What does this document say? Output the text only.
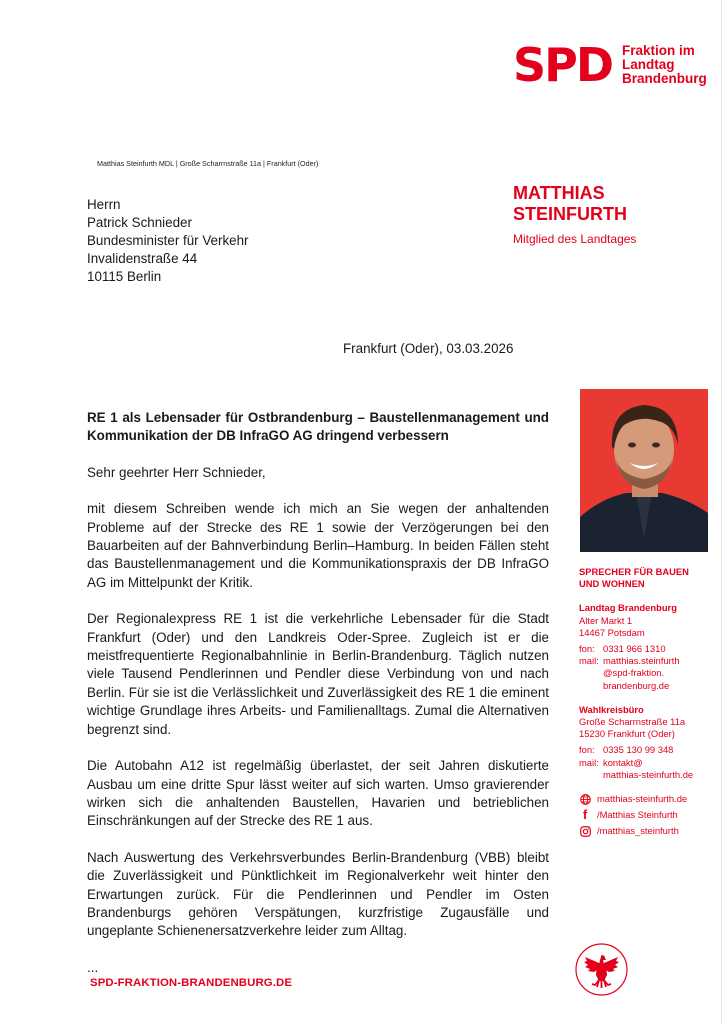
SPD Fraktion im
Landtag
Brandenburg
Matthias Steinfurth MDL | Große Scharrnstraße 11a | Frankfurt (Oder)
Herrn
Patrick Schnieder
Bundesminister für Verkehr
Invalidenstraße 44
10115 Berlin
MATTHIAS
STEINFURTH
Mitglied des Landtages
Frankfurt (Oder), 03.03.2026

RE 1 als Lebensader für Ostbrandenburg – Baustellenmanagement und Kommunikation der DB InfraGO AG dringend verbessern

Sehr geehrter Herr Schnieder,

mit diesem Schreiben wende ich mich an Sie wegen der anhaltenden Probleme auf der Strecke des RE 1 sowie der Verzögerungen bei den Bauarbeiten auf der Bahnverbindung Berlin–Hamburg. In beiden Fällen steht das Baustellenmanagement und die Kommunikationspraxis der DB InfraGO AG im Mittelpunkt der Kritik.

Der Regionalexpress RE 1 ist die verkehrliche Lebensader für die Stadt Frankfurt (Oder) und den Landkreis Oder-Spree. Zugleich ist er die meistfrequentierte Regionalbahnlinie in Berlin-Brandenburg. Täglich nutzen viele Tausend Pendlerinnen und Pendler diese Verbindung von und nach Berlin. Für sie ist die Verlässlichkeit und Zuverlässigkeit des RE 1 die eminent wichtige Grundlage ihres Arbeits- und Familienalltags. Zumal die Alternativen begrenzt sind.

Die Autobahn A12 ist regelmäßig überlastet, der seit Jahren diskutierte Ausbau um eine dritte Spur lässt weiter auf sich warten. Umso gravierender wirken sich die anhaltenden Baustellen, Havarien und betrieblichen Einschränkungen auf der Strecke des RE 1 aus.

Nach Auswertung des Verkehrsverbundes Berlin-Brandenburg (VBB) bleibt die Zuverlässigkeit und Pünktlichkeit im Regionalverkehr weit hinter den Erwartungen zurück. Für die Pendlerinnen und Pendler im Osten Brandenburgs gehören Verspätungen, kurzfristige Zugausfälle und ungeplante Schienenersatzverkehre leider zum Alltag.

...
SPRECHER FÜR BAUEN
UND WOHNEN
Landtag Brandenburg
Alter Markt 1
14467 Potsdam
fon: 0331 966 1310
mail: matthias.steinfurth
@spd-fraktion.
brandenburg.de
Wahlkreisbüro
Große Scharrnstraße 11a
15230 Frankfurt (Oder)
fon: 0335 130 99 348
mail: kontakt@
matthias-steinfurth.de
matthias-steinfurth.de
f	/Matthias Steinfurth
/matthias_steinfurth
SPD-FRAKTION-BRANDENBURG.DE
